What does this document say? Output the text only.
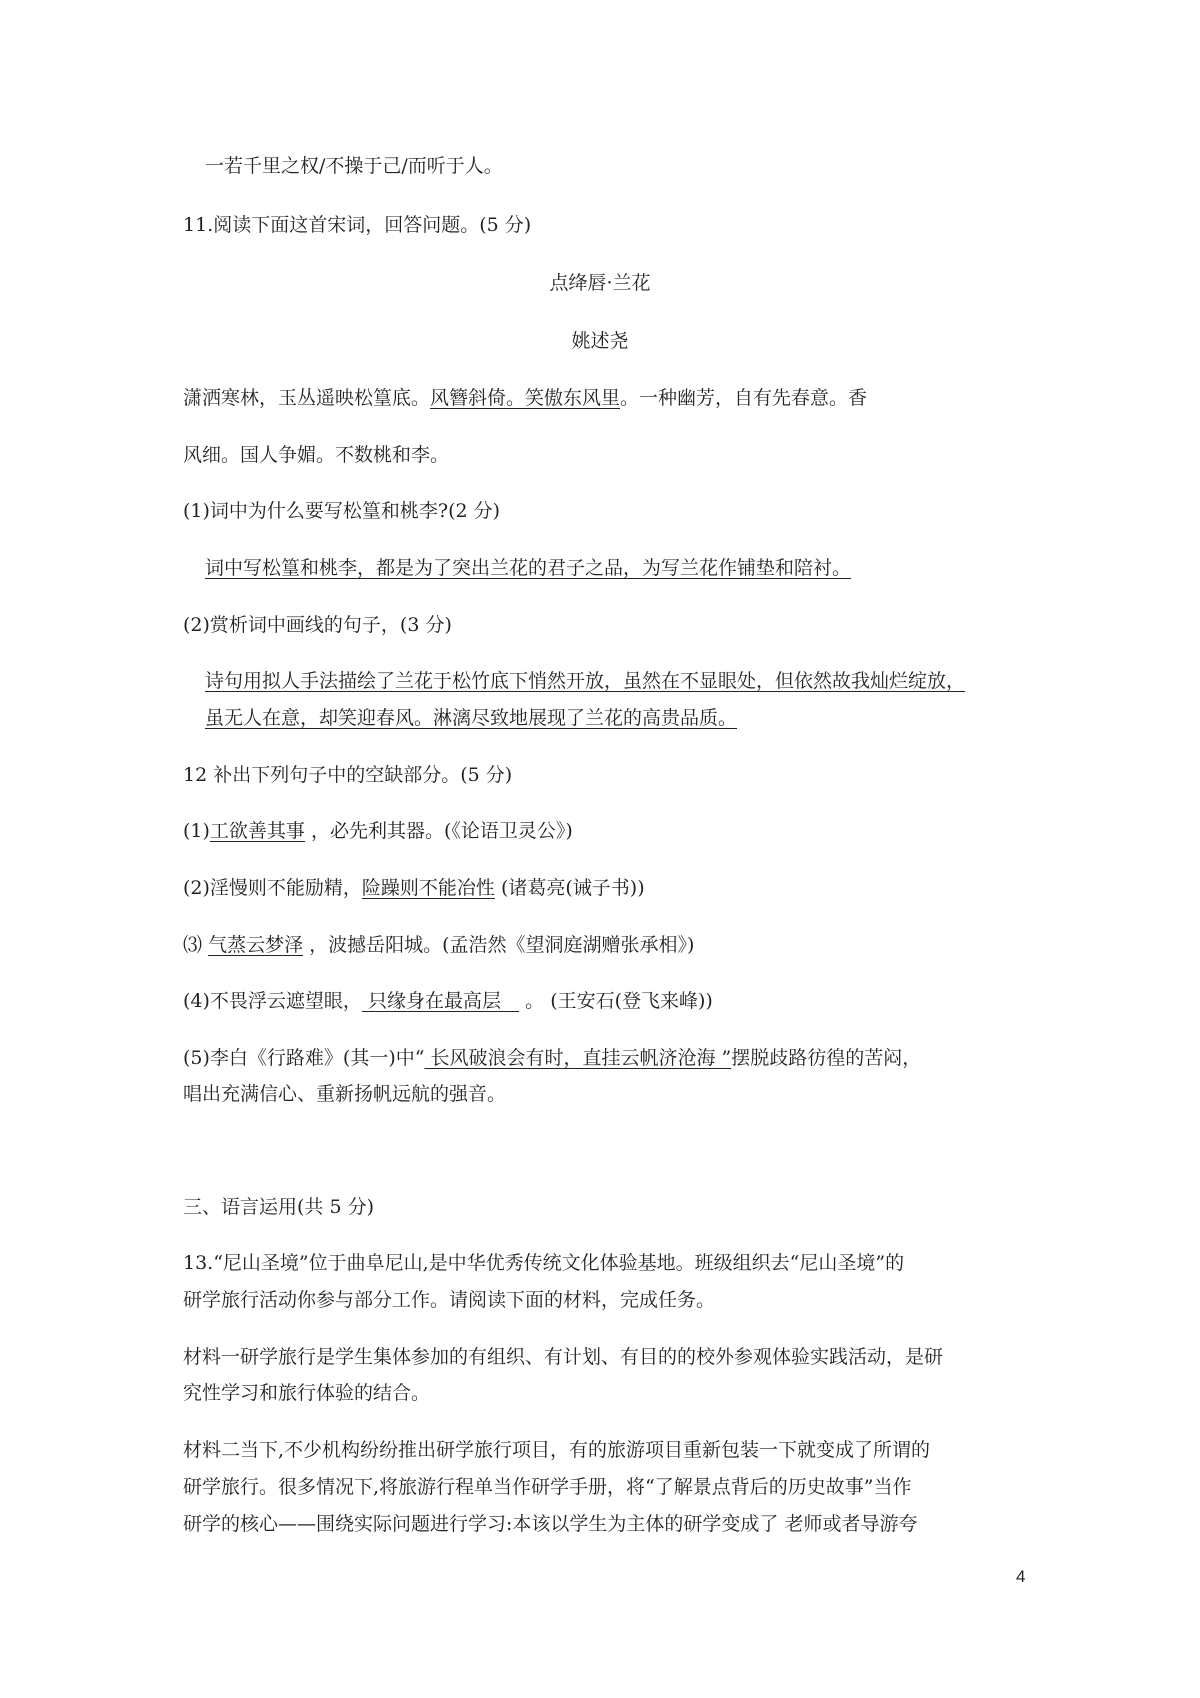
一若千里之权/不操于己/而听于人。
11.阅读下面这首宋词，回答问题。(5 分)
点绛唇·兰花
姚述尧
潇洒寒林，玉丛遥映松篁底。风簪斜倚。笑傲东风里。一种幽芳，自有先春意。香
风细。国人争媚。不数桃和李。
(1)词中为什么要写松篁和桃李?(2 分)
词中写松篁和桃李，都是为了突出兰花的君子之品，为写兰花作铺垫和陪衬。
(2)赏析词中画线的句子，(3 分)
诗句用拟人手法描绘了兰花于松竹底下悄然开放，虽然在不显眼处，但依然故我灿烂绽放，
虽无人在意，却笑迎春风。淋漓尽致地展现了兰花的高贵品质。
12 补出下列句子中的空缺部分。(5 分)
(1)工欲善其事 ，必先利其器。(《论语卫灵公》)
(2)淫慢则不能励精，险躁则不能冶性 (诸葛亮(诫子书))
⑶ 气蒸云梦泽 ，波撼岳阳城。(孟浩然《望洞庭湖赠张承相》)
(4)不畏浮云遮望眼， 只缘身在最高层 。 (王安石(登飞来峰))
(5)李白《行路难》(其一)中“ 长风破浪会有时，直挂云帆济沧海 ”摆脱歧路彷徨的苦闷，
唱出充满信心、重新扬帆远航的强音。
三、语言运用(共 5 分)
13.“尼山圣境”位于曲阜尼山,是中华优秀传统文化体验基地。班级组织去“尼山圣境”的
研学旅行活动你参与部分工作。请阅读下面的材料，完成任务。
材料一研学旅行是学生集体参加的有组织、有计划、有目的的校外参观体验实践活动，是研
究性学习和旅行体验的结合。
材料二当下,不少机构纷纷推出研学旅行项目，有的旅游项目重新包装一下就变成了所谓的
研学旅行。很多情况下,将旅游行程单当作研学手册，将“了解景点背后的历史故事”当作
研学的核心——围绕实际问题进行学习:本该以学生为主体的研学变成了 老师或者导游夸
4
